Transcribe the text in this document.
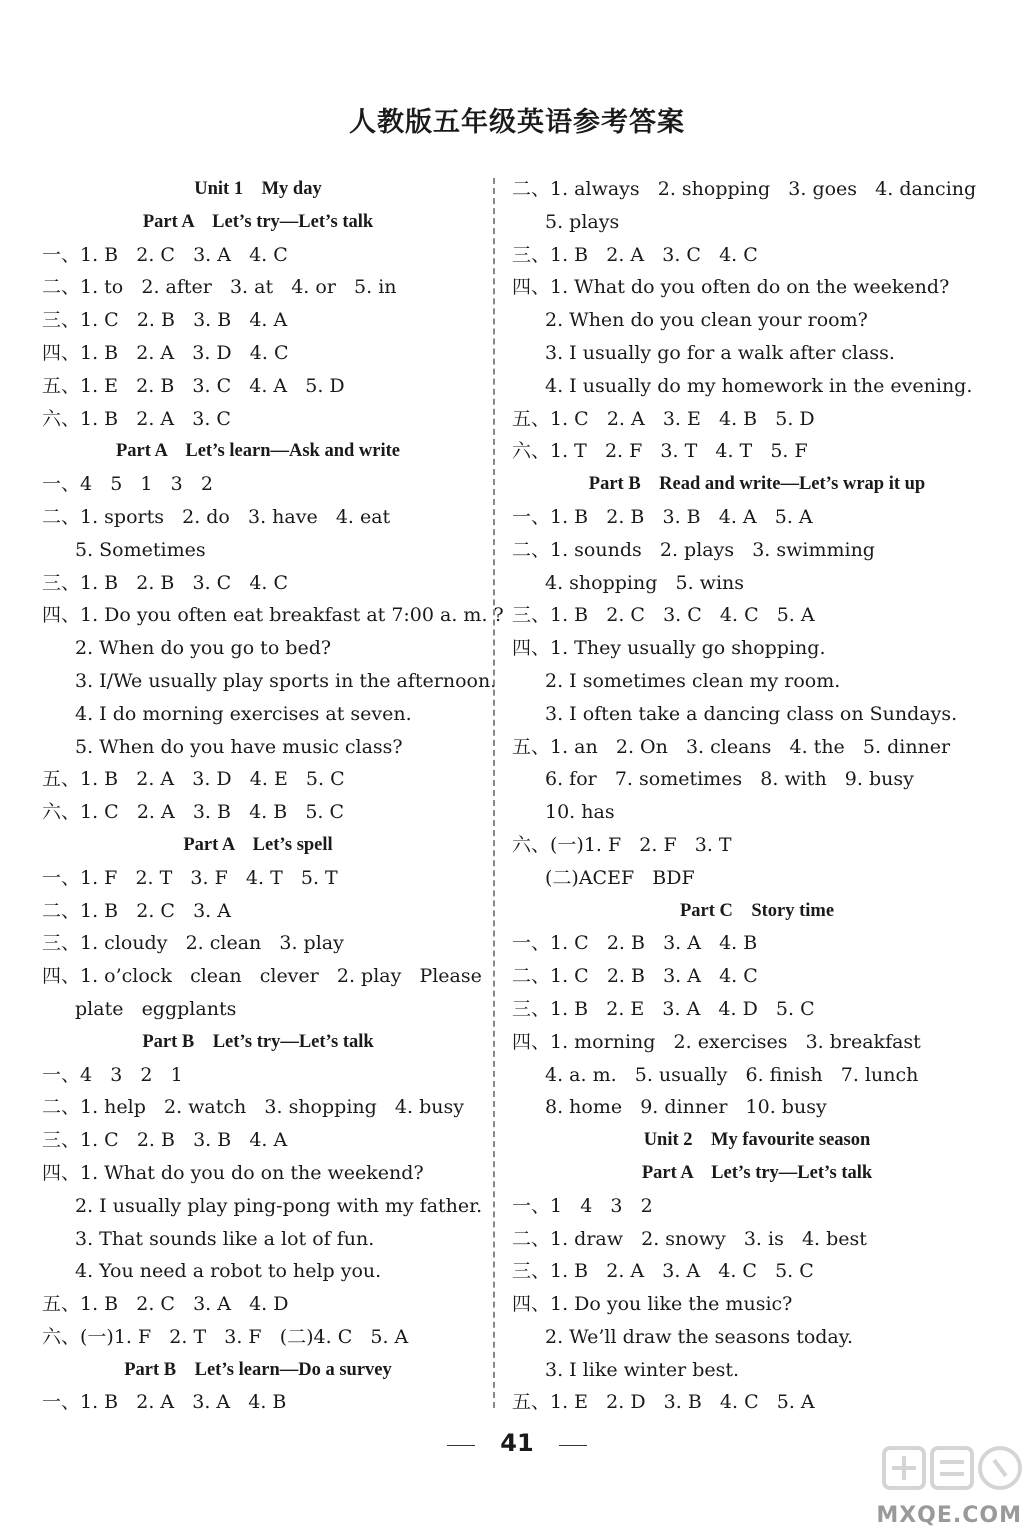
人教版五年级英语参考答案
Unit 1    My day
Part A    Let’s try—Let’s talk
一、1. B   2. C   3. A   4. C
二、1. to   2. after   3. at   4. or   5. in
三、1. C   2. B   3. B   4. A
四、1. B   2. A   3. D   4. C
五、1. E   2. B   3. C   4. A   5. D
六、1. B   2. A   3. C
Part A    Let’s learn—Ask and write
一、4   5   1   3   2
二、1. sports   2. do   3. have   4. eat
5. Sometimes
三、1. B   2. B   3. C   4. C
四、1. Do you often eat breakfast at 7:00 a. m. ?
2. When do you go to bed?
3. I/We usually play sports in the afternoon.
4. I do morning exercises at seven.
5. When do you have music class?
五、1. B   2. A   3. D   4. E   5. C
六、1. C   2. A   3. B   4. B   5. C
Part A    Let’s spell
一、1. F   2. T   3. F   4. T   5. T
二、1. B   2. C   3. A
三、1. cloudy   2. clean   3. play
四、1. o’clock   clean   clever   2. play   Please
plate   eggplants
Part B    Let’s try—Let’s talk
一、4   3   2   1
二、1. help   2. watch   3. shopping   4. busy
三、1. C   2. B   3. B   4. A
四、1. What do you do on the weekend?
2. I usually play ping-pong with my father.
3. That sounds like a lot of fun.
4. You need a robot to help you.
五、1. B   2. C   3. A   4. D
六、(一)1. F   2. T   3. F   (二)4. C   5. A
Part B    Let’s learn—Do a survey
一、1. B   2. A   3. A   4. B
二、1. always   2. shopping   3. goes   4. dancing
5. plays
三、1. B   2. A   3. C   4. C
四、1. What do you often do on the weekend?
2. When do you clean your room?
3. I usually go for a walk after class.
4. I usually do my homework in the evening.
五、1. C   2. A   3. E   4. B   5. D
六、1. T   2. F   3. T   4. T   5. F
Part B    Read and write—Let’s wrap it up
一、1. B   2. B   3. B   4. A   5. A
二、1. sounds   2. plays   3. swimming
4. shopping   5. wins
三、1. B   2. C   3. C   4. C   5. A
四、1. They usually go shopping.
2. I sometimes clean my room.
3. I often take a dancing class on Sundays.
五、1. an   2. On   3. cleans   4. the   5. dinner
6. for   7. sometimes   8. with   9. busy
10. has
六、(一)1. F   2. F   3. T
(二)ACEF   BDF
Part C    Story time
一、1. C   2. B   3. A   4. B
二、1. C   2. B   3. A   4. C
三、1. B   2. E   3. A   4. D   5. C
四、1. morning   2. exercises   3. breakfast
4. a. m.   5. usually   6. finish   7. lunch
8. home   9. dinner   10. busy
Unit 2    My favourite season
Part A    Let’s try—Let’s talk
一、1   4   3   2
二、1. draw   2. snowy   3. is   4. best
三、1. B   2. A   3. A   4. C   5. C
四、1. Do you like the music?
2. We’ll draw the seasons today.
3. I like winter best.
五、1. E   2. D   3. B   4. C   5. A
41
MXQE.COM
